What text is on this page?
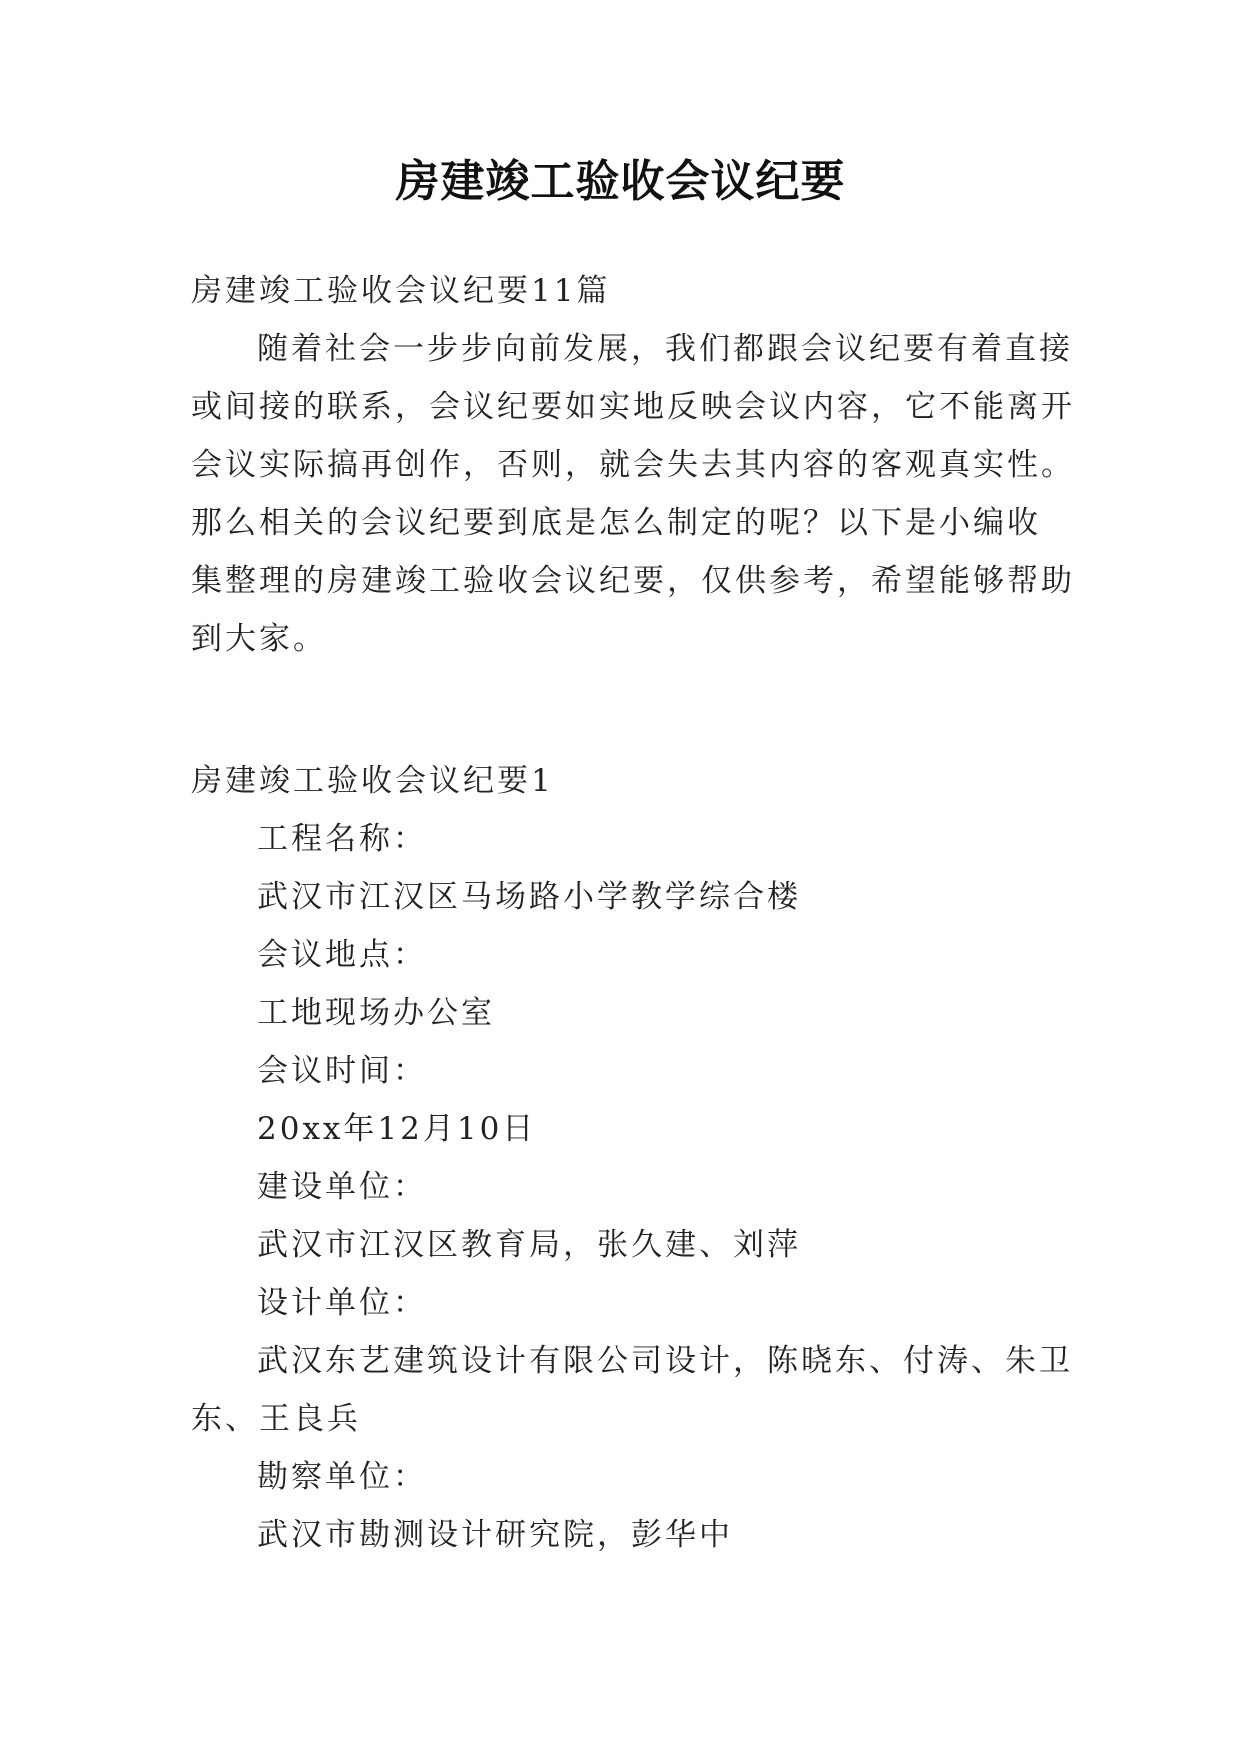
房建竣工验收会议纪要
房建竣工验收会议纪要11篇
随着社会一步步向前发展，我们都跟会议纪要有着直接
或间接的联系，会议纪要如实地反映会议内容，它不能离开
会议实际搞再创作，否则，就会失去其内容的客观真实性。
那么相关的会议纪要到底是怎么制定的呢？以下是小编收
集整理的房建竣工验收会议纪要，仅供参考，希望能够帮助
到大家。
房建竣工验收会议纪要1
工程名称：
武汉市江汉区马场路小学教学综合楼
会议地点：
工地现场办公室
会议时间：
20xx年12月10日
建设单位：
武汉市江汉区教育局，张久建、刘萍
设计单位：
武汉东艺建筑设计有限公司设计，陈晓东、付涛、朱卫
东、王良兵
勘察单位：
武汉市勘测设计研究院，彭华中
